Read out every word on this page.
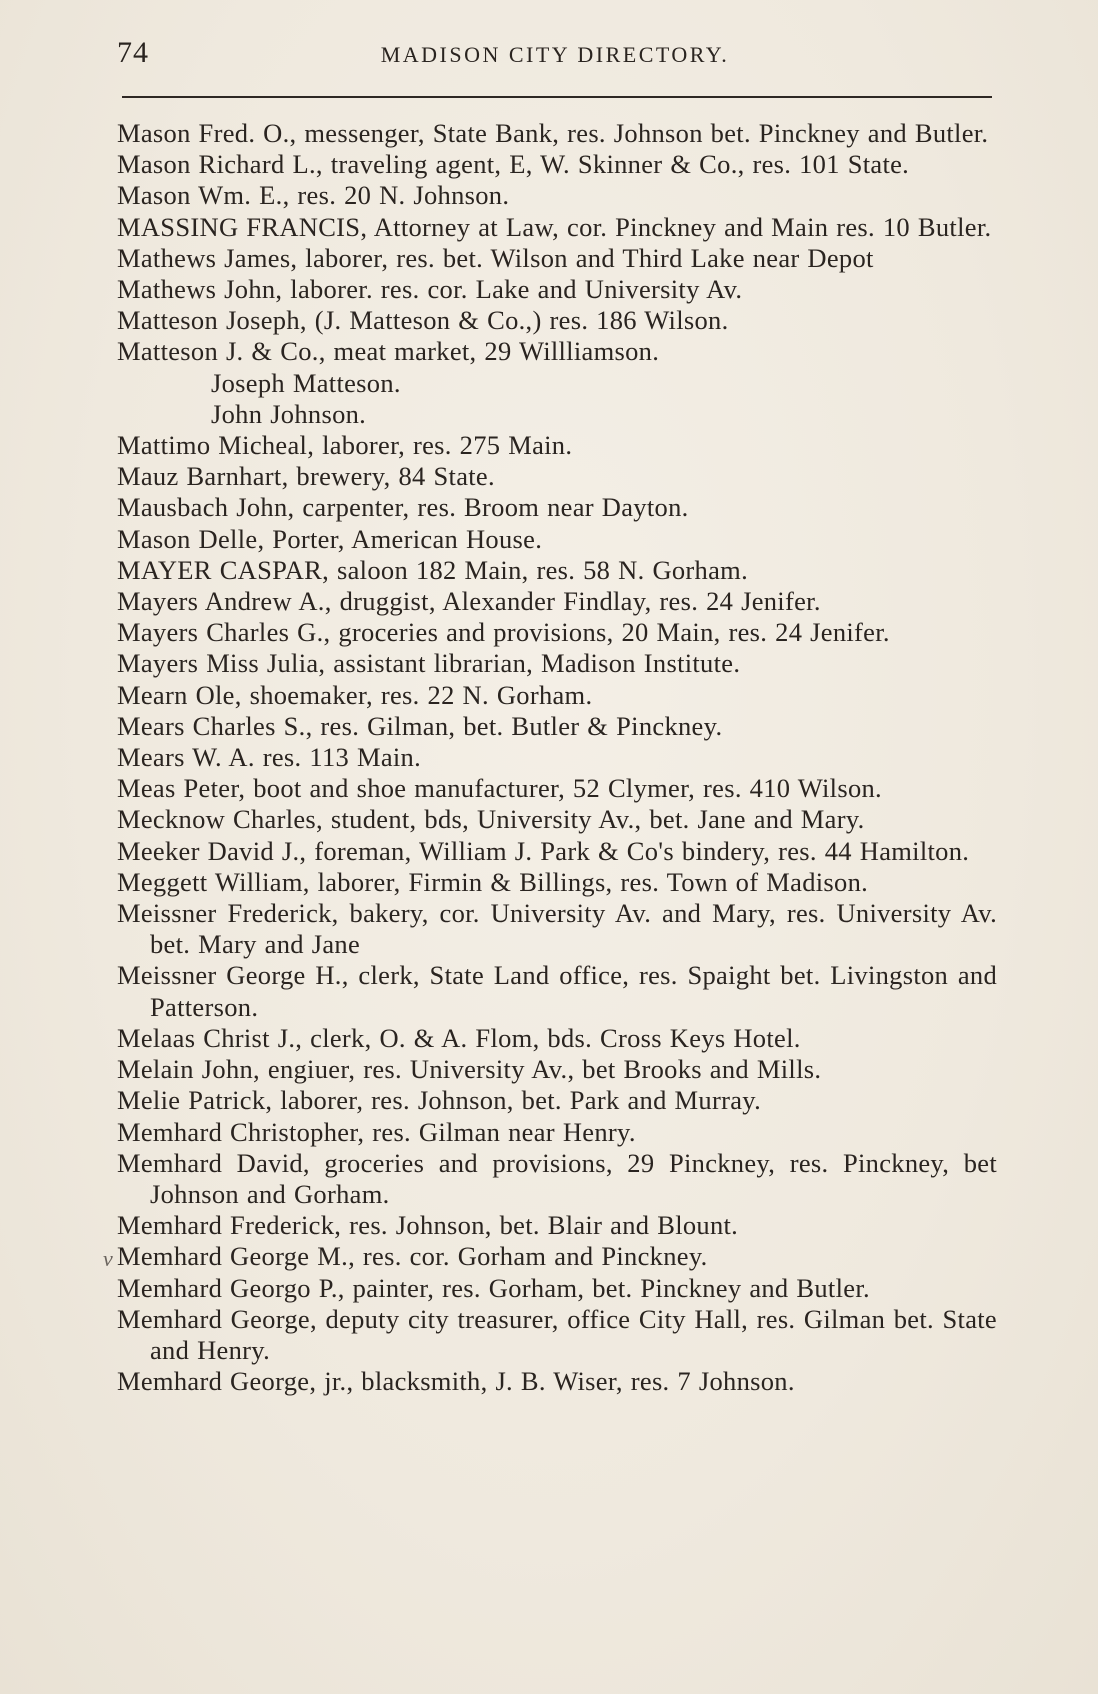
74	MADISON CITY DIRECTORY.
Mason Fred. O., messenger, State Bank, res. Johnson bet. Pinckney and Butler.
Mason Richard L., traveling agent, E, W. Skinner & Co., res. 101 State.
Mason Wm. E., res. 20 N. Johnson.
MASSING FRANCIS, Attorney at Law, cor. Pinckney and Main res. 10 Butler.
Mathews James, laborer, res. bet. Wilson and Third Lake near Depot
Mathews John, laborer. res. cor. Lake and University Av.
Matteson Joseph, (J. Matteson & Co.,) res. 186 Wilson.
Matteson J. & Co., meat market, 29 Willliamson.
Joseph Matteson.
John Johnson.
Mattimo Micheal, laborer, res. 275 Main.
Mauz Barnhart, brewery, 84 State.
Mausbach John, carpenter, res. Broom near Dayton.
Mason Delle, Porter, American House.
MAYER CASPAR, saloon 182 Main, res. 58 N. Gorham.
Mayers Andrew A., druggist, Alexander Findlay, res. 24 Jenifer.
Mayers Charles G., groceries and provisions, 20 Main, res. 24 Jenifer.
Mayers Miss Julia, assistant librarian, Madison Institute.
Mearn Ole, shoemaker, res. 22 N. Gorham.
Mears Charles S., res. Gilman, bet. Butler & Pinckney.
Mears W. A. res. 113 Main.
Meas Peter, boot and shoe manufacturer, 52 Clymer, res. 410 Wilson.
Mecknow Charles, student, bds, University Av., bet. Jane and Mary.
Meeker David J., foreman, William J. Park & Co's bindery, res. 44 Hamilton.
Meggett William, laborer, Firmin & Billings, res. Town of Madison.
Meissner Frederick, bakery, cor. University Av. and Mary, res. University Av. bet. Mary and Jane
Meissner George H., clerk, State Land office, res. Spaight bet. Livingston and Patterson.
Melaas Christ J., clerk, O. & A. Flom, bds. Cross Keys Hotel.
Melain John, engiuer, res. University Av., bet Brooks and Mills.
Melie Patrick, laborer, res. Johnson, bet. Park and Murray.
Memhard Christopher, res. Gilman near Henry.
Memhard David, groceries and provisions, 29 Pinckney, res. Pinckney, bet Johnson and Gorham.
Memhard Frederick, res. Johnson, bet. Blair and Blount.
v Memhard George M., res. cor. Gorham and Pinckney.
Memhard Georgo P., painter, res. Gorham, bet. Pinckney and Butler.
Memhard George, deputy city treasurer, office City Hall, res. Gilman bet. State and Henry.
Memhard George, jr., blacksmith, J. B. Wiser, res. 7 Johnson.
